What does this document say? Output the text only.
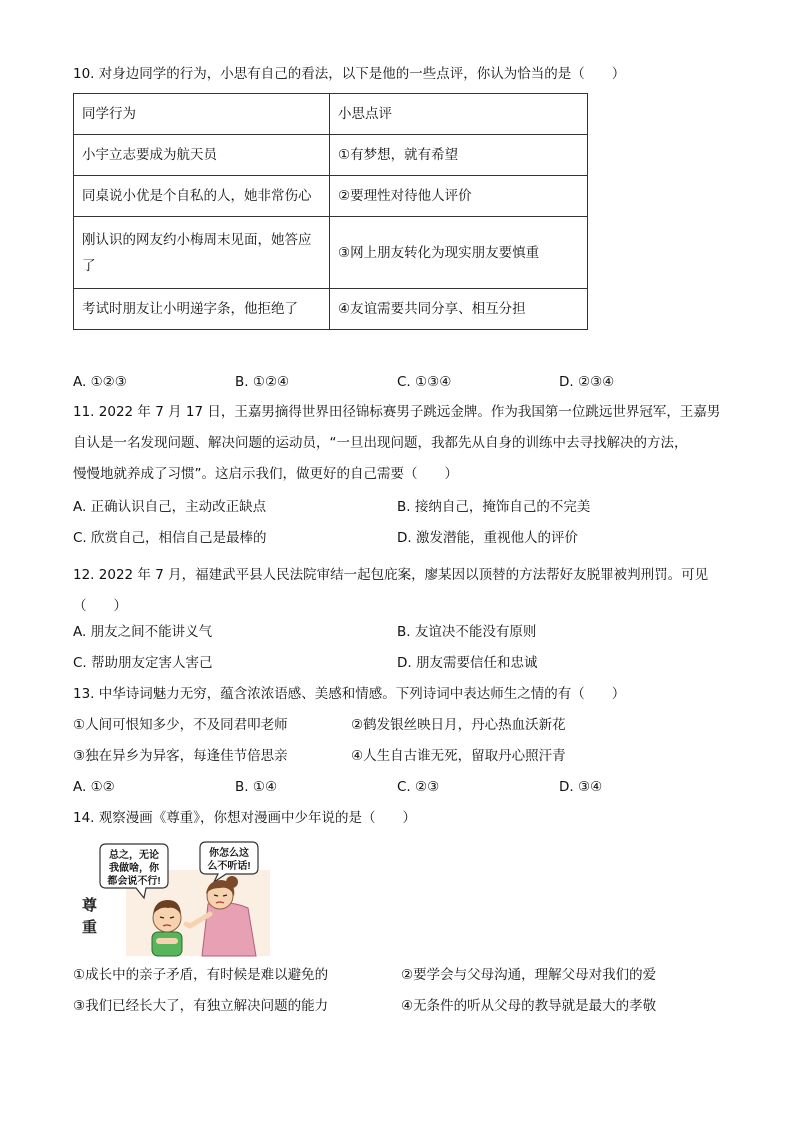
10. 对身边同学的行为，小思有自己的看法，以下是他的一些点评，你认为恰当的是（　　）
同学行为	小思点评
小宇立志要成为航天员	①有梦想，就有希望
同桌说小优是个自私的人，她非常伤心	②要理性对待他人评价
刚认识的网友约小梅周末见面，她答应了	③网上朋友转化为现实朋友要慎重
考试时朋友让小明递字条，他拒绝了	④友谊需要共同分享、相互分担
A. ①②③	B. ①②④	C. ①③④	D. ②③④

11. 2022 年 7 月 17 日，王嘉男摘得世界田径锦标赛男子跳远金牌。作为我国第一位跳远世界冠军，王嘉男

自认是一名发现问题、解决问题的运动员，“一旦出现问题，我都先从自身的训练中去寻找解决的方法，

慢慢地就养成了习惯”。这启示我们，做更好的自己需要（　　）

A. 正确认识自己，主动改正缺点	B. 接纳自己，掩饰自己的不完美
C. 欣赏自己，相信自己是最棒的	D. 激发潜能，重视他人的评价

12. 2022 年 7 月，福建武平县人民法院审结一起包庇案，廖某因以顶替的方法帮好友脱罪被判刑罚。可见

（　　）

A. 朋友之间不能讲义气	B. 友谊决不能没有原则
C. 帮助朋友定害人害己	D. 朋友需要信任和忠诚
13. 中华诗词魅力无穷，蕴含浓浓语感、美感和情感。下列诗词中表达师生之情的有（　　）
①人间可恨知多少，不及同君叩老师	②鹤发银丝映日月，丹心热血沃新花
③独在异乡为异客，每逢佳节倍思亲	④人生自古谁无死，留取丹心照汗青
A. ①②	B. ①④	C. ②③	D. ③④
14. 观察漫画《尊重》，你想对漫画中少年说的是（　　）
尊
重
总之，无论
我做啥，你
都会说不行!
你怎么这
么不听话!
①成长中的亲子矛盾，有时候是难以避免的	②要学会与父母沟通，理解父母对我们的爱
③我们已经长大了，有独立解决问题的能力	④无条件的听从父母的教导就是最大的孝敬
